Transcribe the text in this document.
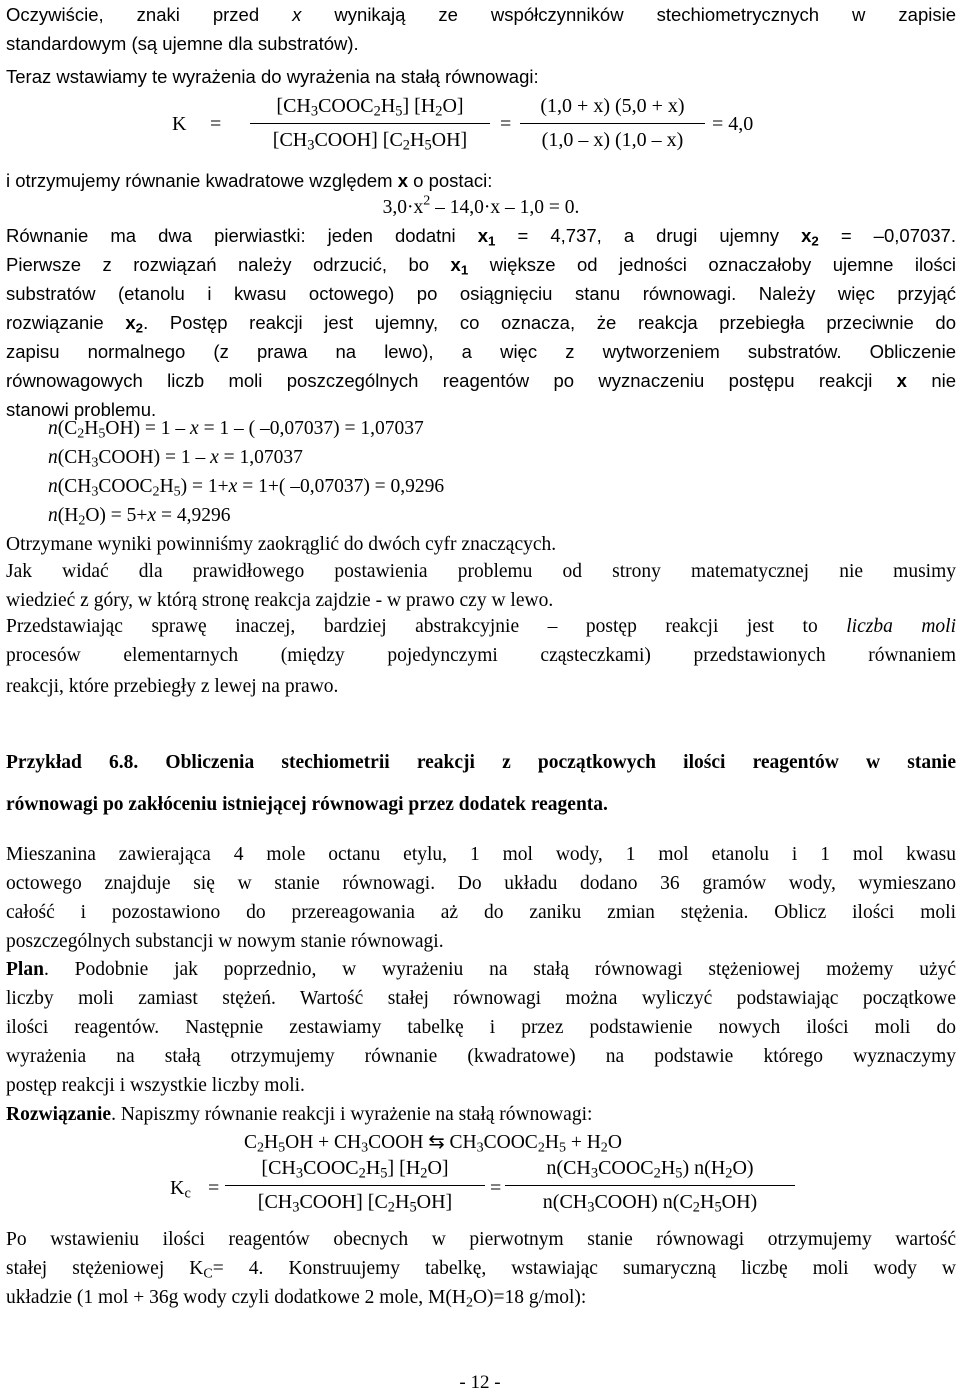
Oczywiście, znaki przed x wynikają ze współczynników stechiometrycznych w zapisie
standardowym (są ujemne dla substratów).
Teraz wstawiamy te wyrażenia do wyrażenia na stałą równowagi:
K =
$[CH_3COOC_2H_5]$ $[H_2O]$
$[CH_3COOH]$ $[C_2H_5OH]$
= $\frac{(1,0 + x) (5,0 + x)}{(1,0 - x) (1,0 - x)} = 4,0$
i otrzymujemy równanie kwadratowe względem x o postaci:
$3,0\cdot x^2 - 14,0\cdot x - 1,0 = 0$.
Równanie ma dwa pierwiastki: jeden dodatni $x_1 = 4,737$, a drugi ujemny $x_2 = -0,07037$.
Pierwsze z rozwiązań należy odrzucić, bo $x_1$ większe od jedności oznaczałoby ujemne ilości
substratów (etanolu i kwasu octowego) po osiągnięciu stanu równowagi. Należy więc przyjąć
rozwiązanie $x_2$. Postęp reakcji jest ujemny, co oznacza, że reakcja przebiegła przeciwnie do
zapisu normalnego (z prawa na lewo), a więc z wytworzeniem substratów. Obliczenie
równowagowych liczb moli poszczególnych reagentów po wyznaczeniu postępu reakcji x nie
stanowi problemu.
$n(C_2H_5OH) = 1 - x = 1$ – ( –0,07037) = 1,07037
$n(CH_3COOH) = 1 - x = 1,07037$
$n(CH_3COOC_2H_5) = 1+x = 1+$( –0,07037) = 0,9296
$n(H_2O) = 5+x = 4,9296$
Otrzymane wyniki powinniśmy zaokrąglić do dwóch cyfr znaczących.
Jak widać dla prawidłowego postawienia problemu od strony matematycznej nie musimy
wiedzieć z góry, w którą stronę reakcja zajdzie - w prawo czy w lewo.
Przedstawiając sprawę inaczej, bardziej abstrakcyjnie – postęp reakcji jest to liczba moli
procesów elementarnych (między pojedynczymi cząsteczkami) przedstawionych równaniem
reakcji, które przebiegły z lewej na prawo.
Przykład 6.8. Obliczenia stechiometrii reakcji z początkowych ilości reagentów w stanie
równowagi po zakłóceniu istniejącej równowagi przez dodatek reagenta.
Mieszanina zawierająca 4 mole octanu etylu, 1 mol wody, 1 mol etanolu i 1 mol kwasu
octowego znajduje się w stanie równowagi. Do układu dodano 36 gramów wody, wymieszano
całość i pozostawiono do przereagowania aż do zaniku zmian stężenia. Oblicz ilości moli
poszczególnych substancji w nowym stanie równowagi.
Plan. Podobnie jak poprzednio, w wyrażeniu na stałą równowagi stężeniowej możemy użyć
liczby moli zamiast stężeń. Wartość stałej równowagi można wyliczyć podstawiając początkowe
ilości reagentów. Następnie zestawiamy tabelkę i przez podstawienie nowych ilości moli do
wyrażenia na stałą otrzymujemy równanie (kwadratowe) na podstawie którego wyznaczymy
postęp reakcji i wszystkie liczby moli.
Rozwiązanie. Napiszmy równanie reakcji i wyrażenie na stałą równowagi:
$C_2H_5OH$ + $CH_3COOH$ ⇆ $CH_3COOC_2H_5 + H_2O$
$K_c$ =
$[CH_3COOC_2H_5]$ $[H_2O]$
$[CH_3COOH]$ $[C_2H_5OH]$
=
$n(CH_3COOC_2H_5)$ $n(H_2O)$
$n(CH_3COOH)$ $n(C_2H_5OH)$
Po wstawieniu ilości reagentów obecnych w pierwotnym stanie równowagi otrzymujemy wartość
stałej stężeniowej $K_C= 4$. Konstruujemy tabelkę, wstawiając sumaryczną liczbę moli wody w
układzie (1 mol + 36g wody czyli dodatkowe 2 mole, $M(H_2O)=18$ g/mol):
- 12 -
